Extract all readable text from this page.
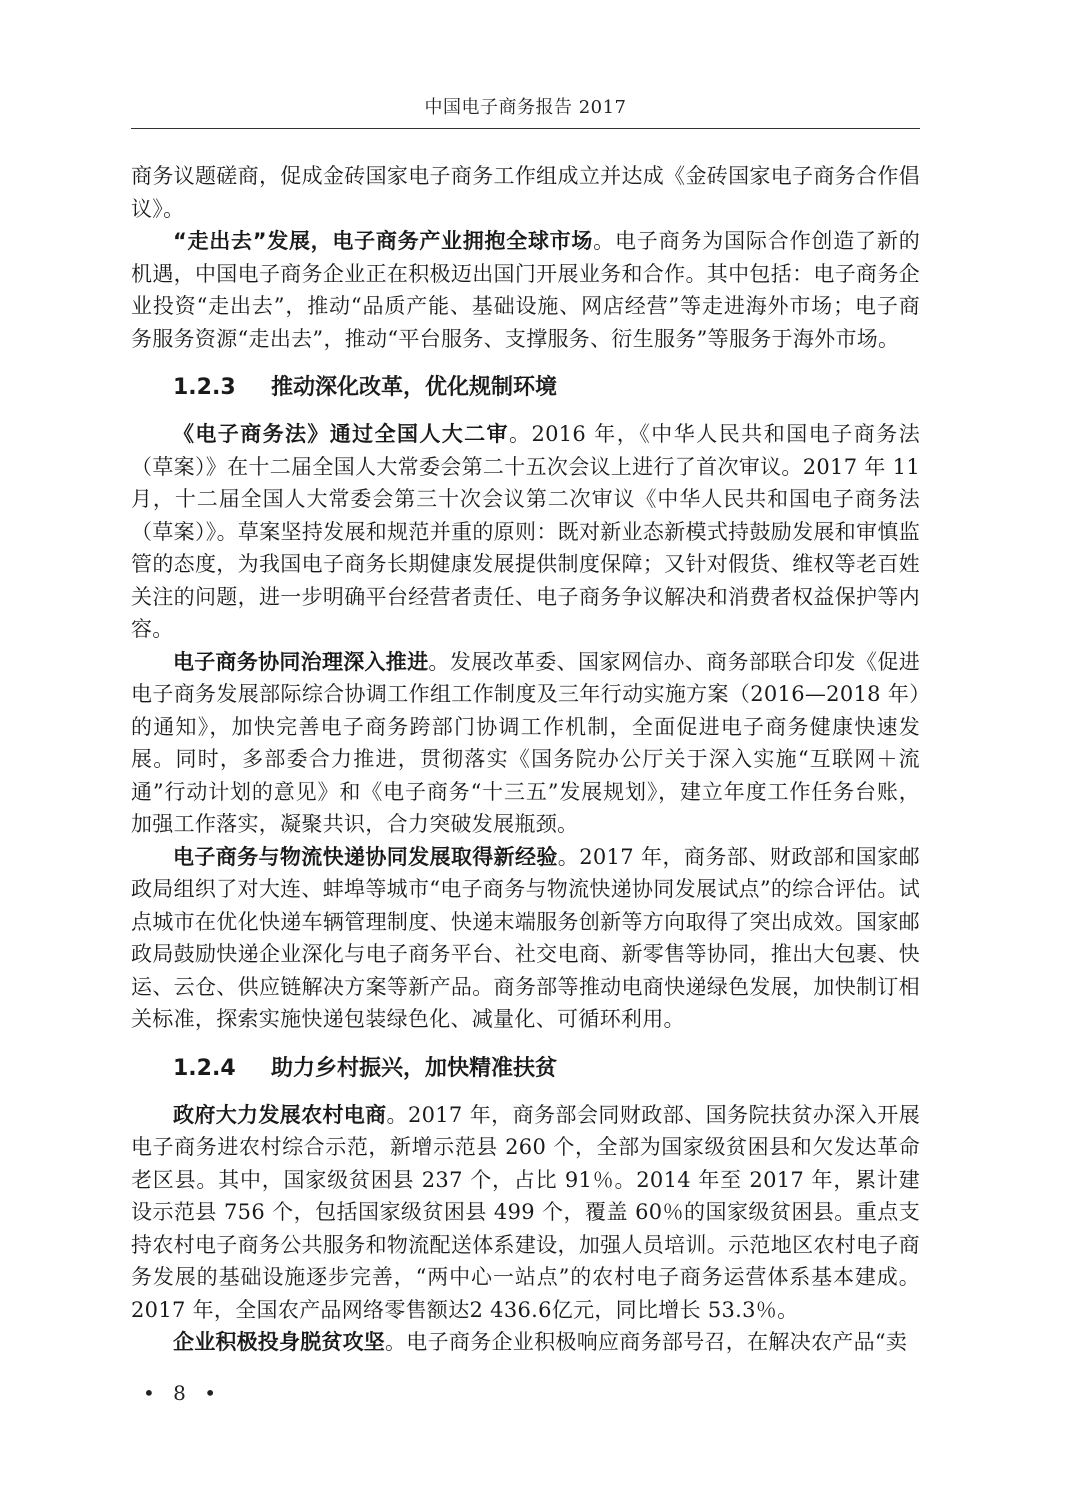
中国电子商务报告 2017

商务议题磋商，促成金砖国家电子商务工作组成立并达成《金砖国家电子商务合作倡议》。

“走出去”发展，电子商务产业拥抱全球市场。电子商务为国际合作创造了新的机遇，中国电子商务企业正在积极迈出国门开展业务和合作。其中包括：电子商务企业投资“走出去”，推动“品质产能、基础设施、网店经营”等走进海外市场；电子商务服务资源“走出去”，推动“平台服务、支撑服务、衍生服务”等服务于海外市场。

1.2.3 推动深化改革，优化规制环境

《电子商务法》通过全国人大二审。2016 年，《中华人民共和国电子商务法（草案）》在十二届全国人大常委会第二十五次会议上进行了首次审议。2017 年 11 月，十二届全国人大常委会第三十次会议第二次审议《中华人民共和国电子商务法（草案）》。草案坚持发展和规范并重的原则：既对新业态新模式持鼓励发展和审慎监管的态度，为我国电子商务长期健康发展提供制度保障；又针对假货、维权等老百姓关注的问题，进一步明确平台经营者责任、电子商务争议解决和消费者权益保护等内容。

电子商务协同治理深入推进。发展改革委、国家网信办、商务部联合印发《促进电子商务发展部际综合协调工作组工作制度及三年行动实施方案（2016—2018 年）的通知》，加快完善电子商务跨部门协调工作机制，全面促进电子商务健康快速发展。同时，多部委合力推进，贯彻落实《国务院办公厅关于深入实施“互联网＋流通”行动计划的意见》和《电子商务“十三五”发展规划》，建立年度工作任务台账，加强工作落实，凝聚共识，合力突破发展瓶颈。

电子商务与物流快递协同发展取得新经验。2017 年，商务部、财政部和国家邮政局组织了对大连、蚌埠等城市“电子商务与物流快递协同发展试点”的综合评估。试点城市在优化快递车辆管理制度、快递末端服务创新等方向取得了突出成效。国家邮政局鼓励快递企业深化与电子商务平台、社交电商、新零售等协同，推出大包裹、快运、云仓、供应链解决方案等新产品。商务部等推动电商快递绿色发展，加快制订相关标准，探索实施快递包装绿色化、减量化、可循环利用。

1.2.4 助力乡村振兴，加快精准扶贫

政府大力发展农村电商。2017 年，商务部会同财政部、国务院扶贫办深入开展电子商务进农村综合示范，新增示范县 260 个，全部为国家级贫困县和欠发达革命老区县。其中，国家级贫困县 237 个，占比 91％。2014 年至 2017 年，累计建设示范县 756 个，包括国家级贫困县 499 个，覆盖 60％的国家级贫困县。重点支持农村电子商务公共服务和物流配送体系建设，加强人员培训。示范地区农村电子商务发展的基础设施逐步完善，“两中心一站点”的农村电子商务运营体系基本建成。2017 年，全国农产品网络零售额达2 436.6亿元，同比增长 53.3％。

企业积极投身脱贫攻坚。电子商务企业积极响应商务部号召，在解决农产品“卖

• 8 •
